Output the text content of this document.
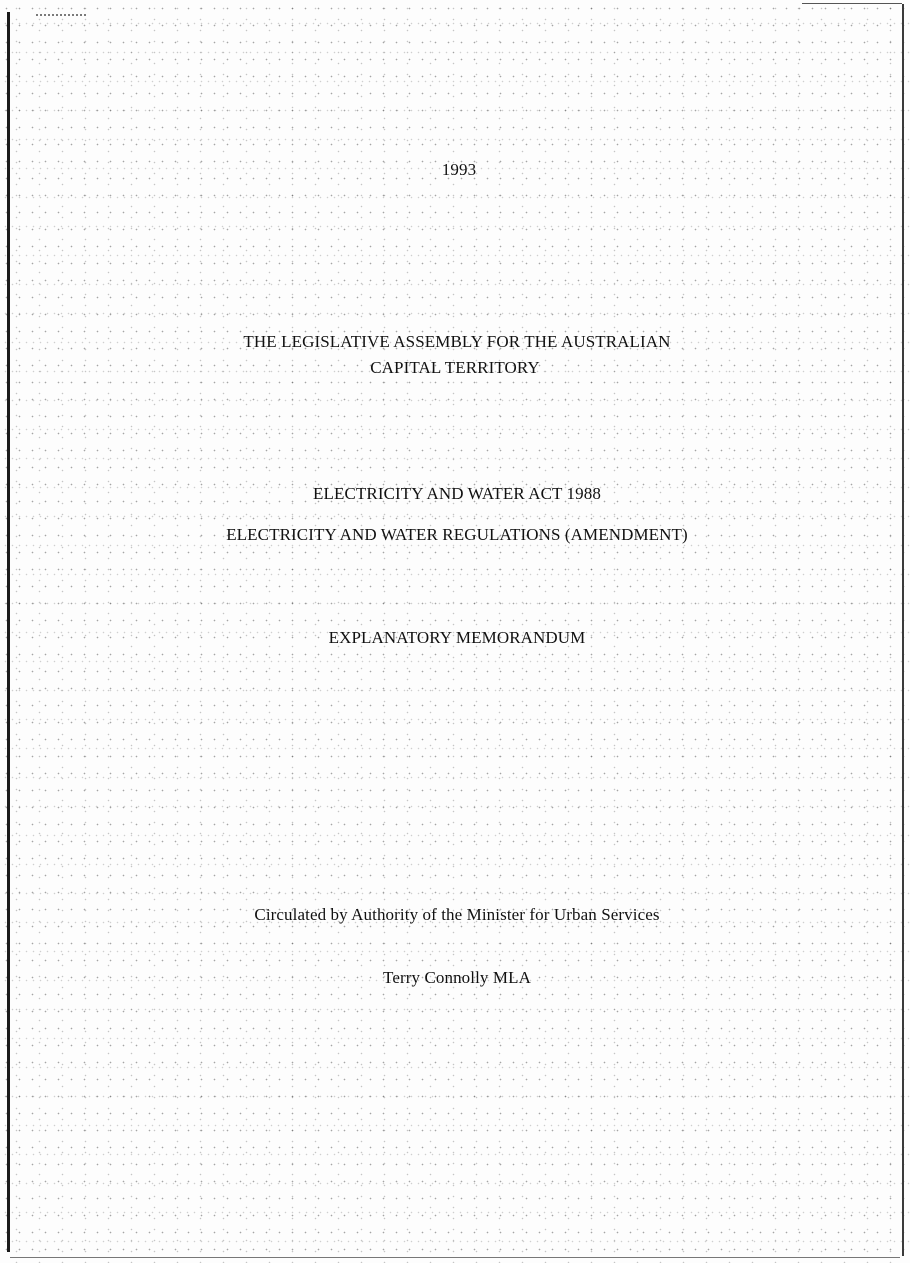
1993
THE LEGISLATIVE ASSEMBLY FOR THE AUSTRALIAN
CAPITAL TERRITORY
ELECTRICITY AND WATER ACT 1988
ELECTRICITY AND WATER REGULATIONS (AMENDMENT)
EXPLANATORY MEMORANDUM
Circulated by Authority of the Minister for Urban Services
Terry Connolly MLA
